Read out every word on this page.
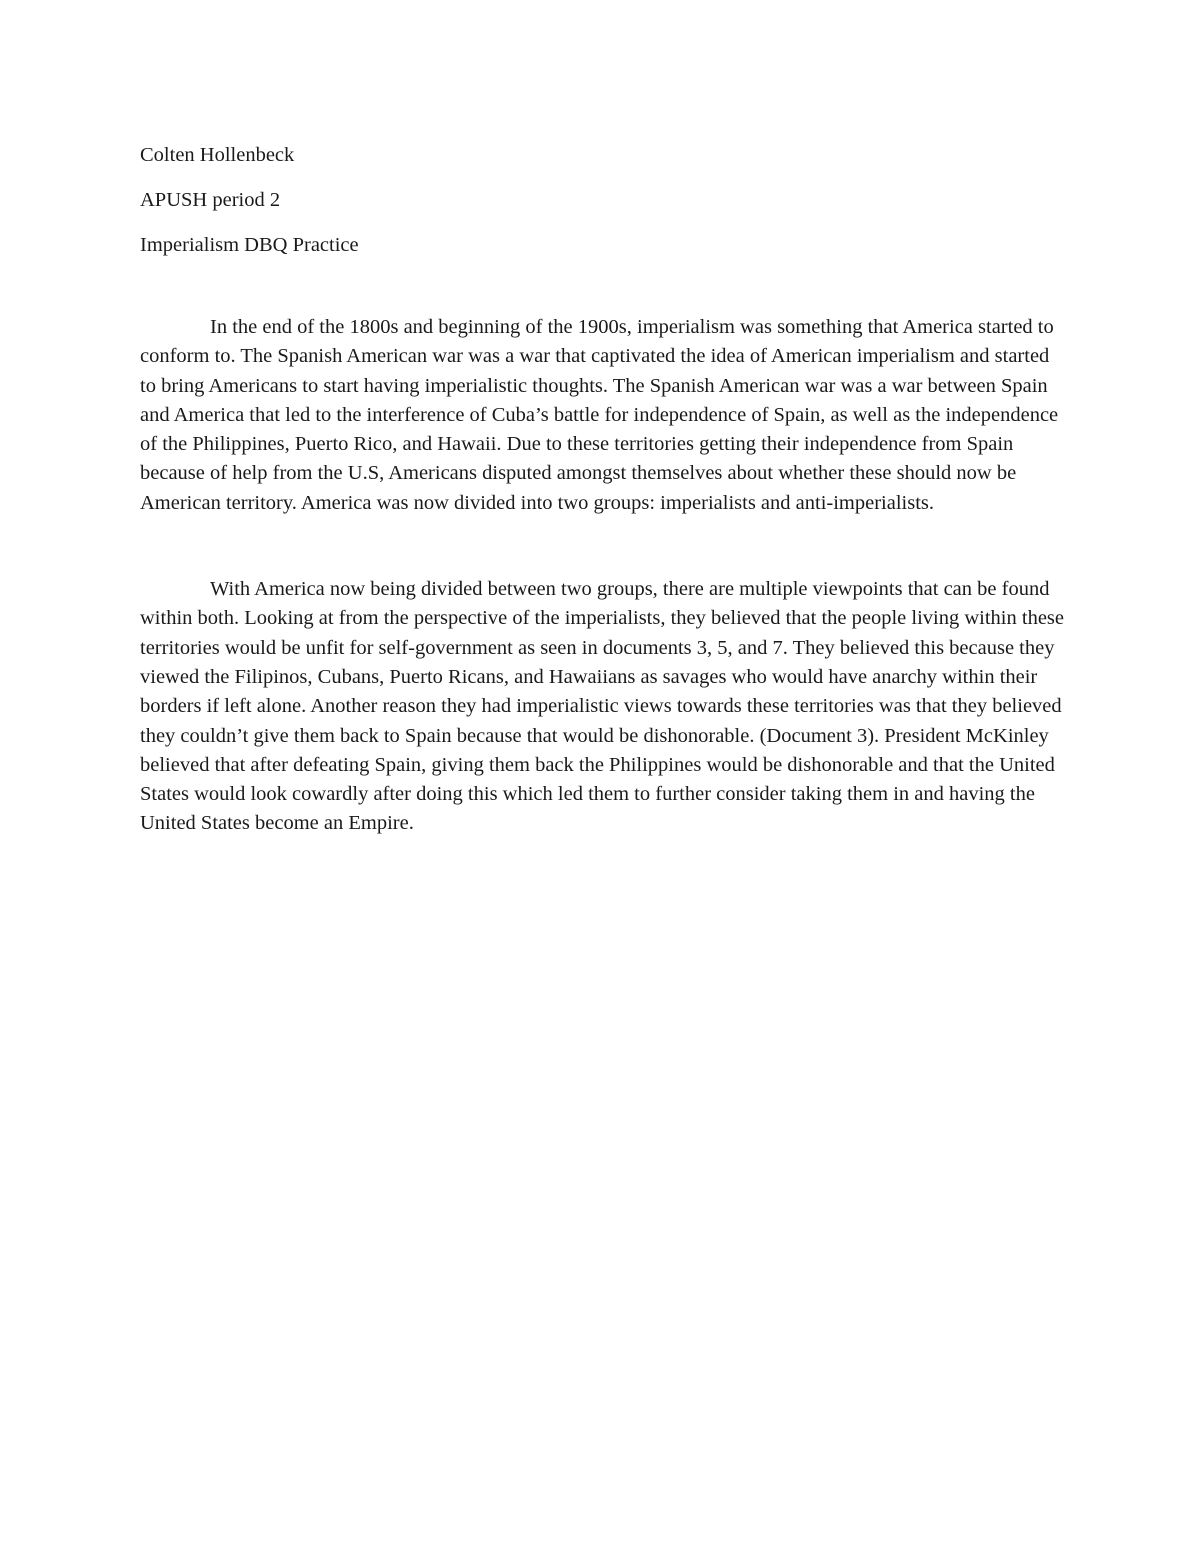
Colten Hollenbeck

APUSH period 2

Imperialism DBQ Practice

In the end of the 1800s and beginning of the 1900s, imperialism was something that America started to conform to. The Spanish American war was a war that captivated the idea of American imperialism and started to bring Americans to start having imperialistic thoughts. The Spanish American war was a war between Spain and America that led to the interference of Cuba’s battle for independence of Spain, as well as the independence of the Philippines, Puerto Rico, and Hawaii. Due to these territories getting their independence from Spain because of help from the U.S, Americans disputed amongst themselves about whether these should now be American territory. America was now divided into two groups: imperialists and anti-imperialists.

With America now being divided between two groups, there are multiple viewpoints that can be found within both. Looking at from the perspective of the imperialists, they believed that the people living within these territories would be unfit for self-government as seen in documents 3, 5, and 7. They believed this because they viewed the Filipinos, Cubans, Puerto Ricans, and Hawaiians as savages who would have anarchy within their borders if left alone. Another reason they had imperialistic views towards these territories was that they believed they couldn’t give them back to Spain because that would be dishonorable. (Document 3). President McKinley believed that after defeating Spain, giving them back the Philippines would be dishonorable and that the United States would look cowardly after doing this which led them to further consider taking them in and having the United States become an Empire.
